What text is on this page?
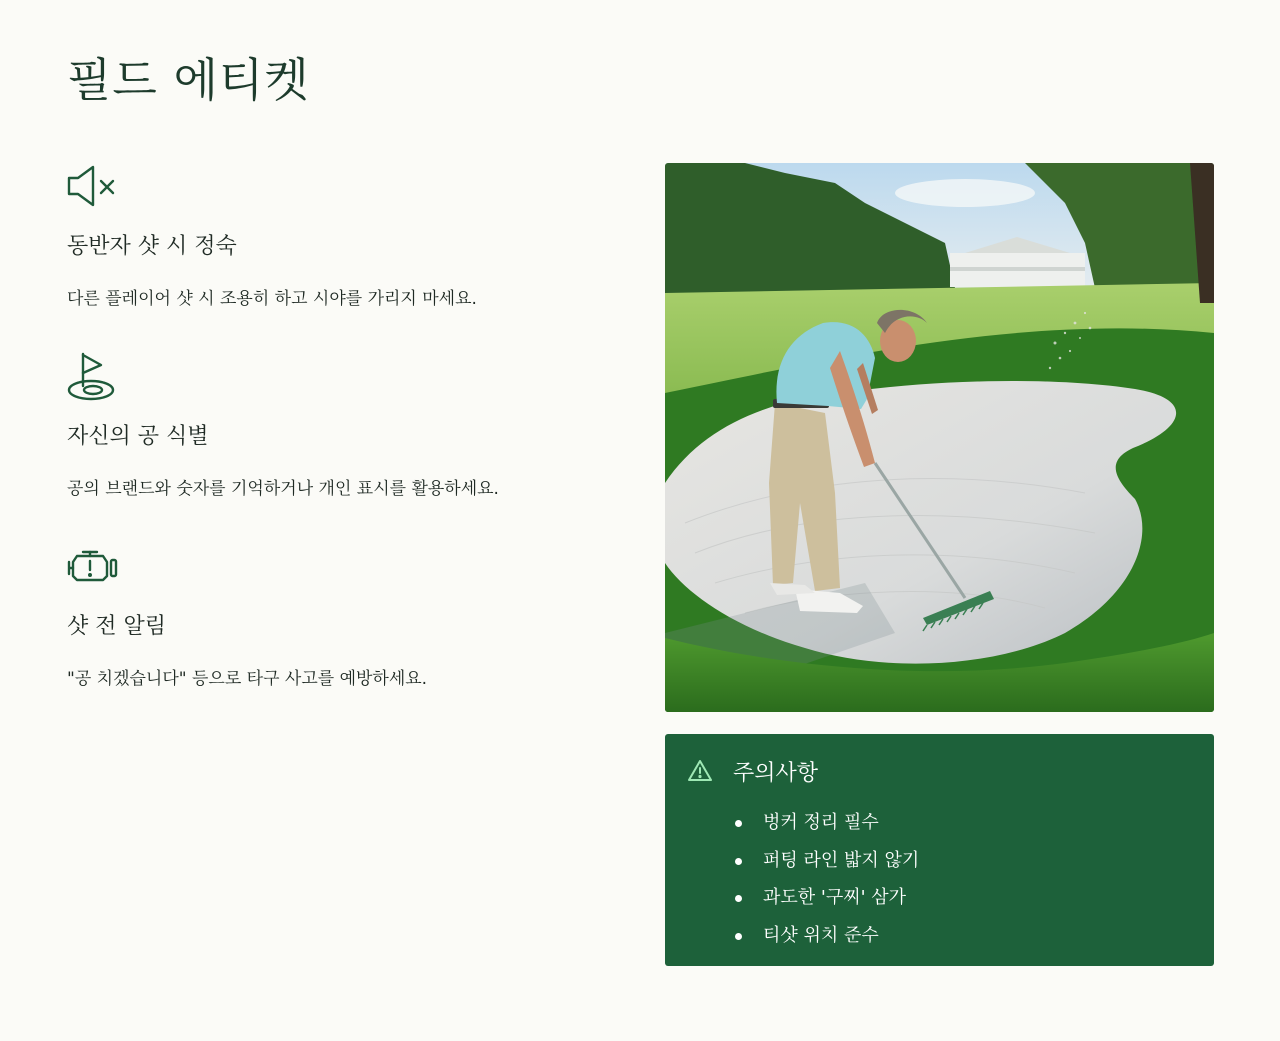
필드 에티켓
동반자 샷 시 정숙

다른 플레이어 샷 시 조용히 하고 시야를 가리지 마세요.

자신의 공 식별

공의 브랜드와 숫자를 기억하거나 개인 표시를 활용하세요.

샷 전 알림

"공 치겠습니다" 등으로 타구 사고를 예방하세요.

주의사항
벙커 정리 필수
퍼팅 라인 밟지 않기
과도한 '구찌' 삼가
티샷 위치 준수
